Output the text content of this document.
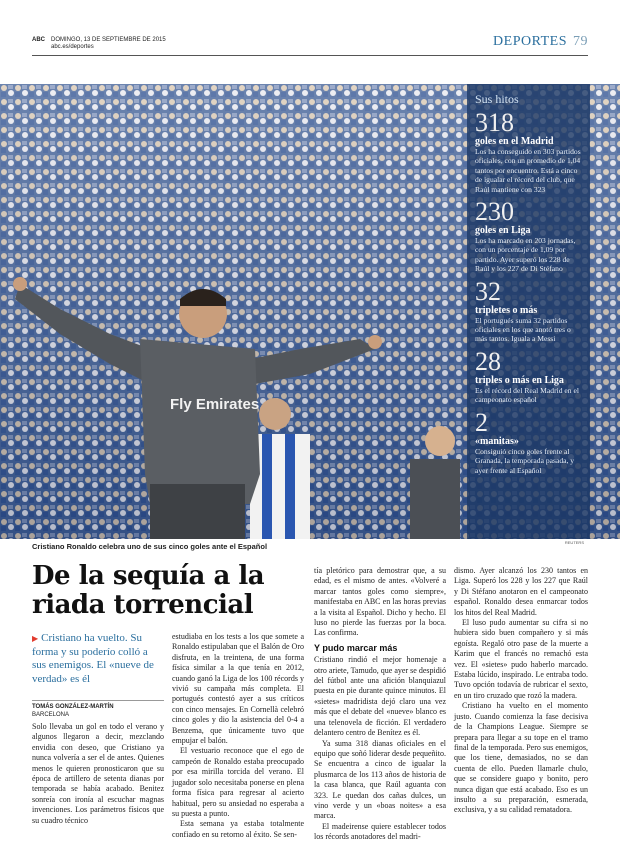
ABC DOMINGO, 13 DE SEPTIEMBRE DE 2015
abc.es/deportes	DEPORTES 79
Fly Emirates
Sus hitos
318
goles en el Madrid
Los ha conseguido en 303 partidos oficiales, con un promedio de 1,04 tantos por encuentro. Está a cinco de igualar el récord del club, que Raúl mantiene con 323
230
goles en Liga
Los ha marcado en 203 jornadas, con un porcentaje de 1,09 por partido. Ayer superó los 228 de Raúl y los 227 de Di Stéfano
32
tripletes o más
El portugués suma 32 partidos oficiales en los que anotó tres o más tantos. Iguala a Messi
28
triples o más en Liga
Es el récord del Real Madrid en el campeonato español
2
«manitas»
Consiguió cinco goles frente al Granada, la temporada pasada, y ayer frente al Español
REUTERS
Cristiano Ronaldo celebra uno de sus cinco goles ante el Español
De la sequía a la riada torrencial
▶ Cristiano ha vuelto. Su forma y su poderío colló a sus enemigos. El «nueve de verdad» es él
TOMÁS GONZÁLEZ-MARTÍN
BARCELONA

Solo llevaba un gol en todo el verano y algunos llegaron a decir, mezclando envidia con deseo, que Cristiano ya nunca volvería a ser el de antes. Quienes menos le quieren pronosticaron que su época de artillero de setenta dianas por temporada se había acabado. Benitez sonreía con ironía al escuchar magnas invenciones. Los parámetros físicos que su cuadro técnico

estudiaba en los tests a los que somete a Ronaldo estipulaban que el Balón de Oro disfruta, en la treintena, de una forma física similar a la que tenía en 2012, cuando ganó la Liga de los 100 récords y vivió su campaña más completa. El portugués contestó ayer a sus críticos con cinco mensajes. En Cornellà celebró cinco goles y dio la asistencia del 0-4 a Benzema, que únicamente tuvo que empujar el balón.

El vestuario reconoce que el ego de campeón de Ronaldo estaba preocupado por esa mirilla torcida del verano. El jugador solo necesitaba ponerse en plena forma física para regresar al acierto habitual, pero su ansiedad no esperaba a su puesta a punto.

Esta semana ya estaba totalmente confiado en su retorno al éxito. Se sen-

tía pletórico para demostrar que, a su edad, es el mismo de antes. «Volveré a marcar tantos goles como siempre», manifestaba en ABC en las horas previas a la visita al Español. Dicho y hecho. El luso no pierde las fuerzas por la boca. Las confirma.

Y pudo marcar más

Cristiano rindió el mejor homenaje a otro ariete, Tamudo, que ayer se despidió del fútbol ante una afición blanquiazul puesta en pie durante quince minutos. El «sietes» madridista dejó claro una vez más que el debate del «nueve» blanco es una telenovela de ficción. El verdadero delantero centro de Benítez es él.

Ya suma 318 dianas oficiales en el equipo que soñó liderar desde pequeñito. Se encuentra a cinco de igualar la plusmarca de los 113 años de historia de la casa blanca, que Raúl aguanta con 323. Le quedan dos cañas dulces, un vino verde y un «boas noites» a esa marca.

El madeirense quiere establecer todos los récords anotadores del madri-

dismo. Ayer alcanzó los 230 tantos en Liga. Superó los 228 y los 227 que Raúl y Di Stéfano anotaron en el campeonato español. Ronaldo desea enmarcar todos los hitos del Real Madrid.

El luso pudo aumentar su cifra si no hubiera sido buen compañero y si más egoísta. Regaló otro pase de la muerte a Karim que el francés no remachó esta vez. El «sietes» pudo haberlo marcado. Estaba lúcido, inspirado. Le entraba todo. Tuvo opción todavía de rubricar el sexto, en un tiro cruzado que rozó la madera.

Cristiano ha vuelto en el momento justo. Cuando comienza la fase decisiva de la Champions League. Siempre se prepara para llegar a su tope en el tramo final de la temporada. Pero sus enemigos, que los tiene, demasiados, no se dan cuenta de ello. Pueden llamarle chulo, que se considere guapo y bonito, pero nunca digan que está acabado. Eso es un insulto a su preparación, esmerada, exclusiva, y a su calidad rematadora.
